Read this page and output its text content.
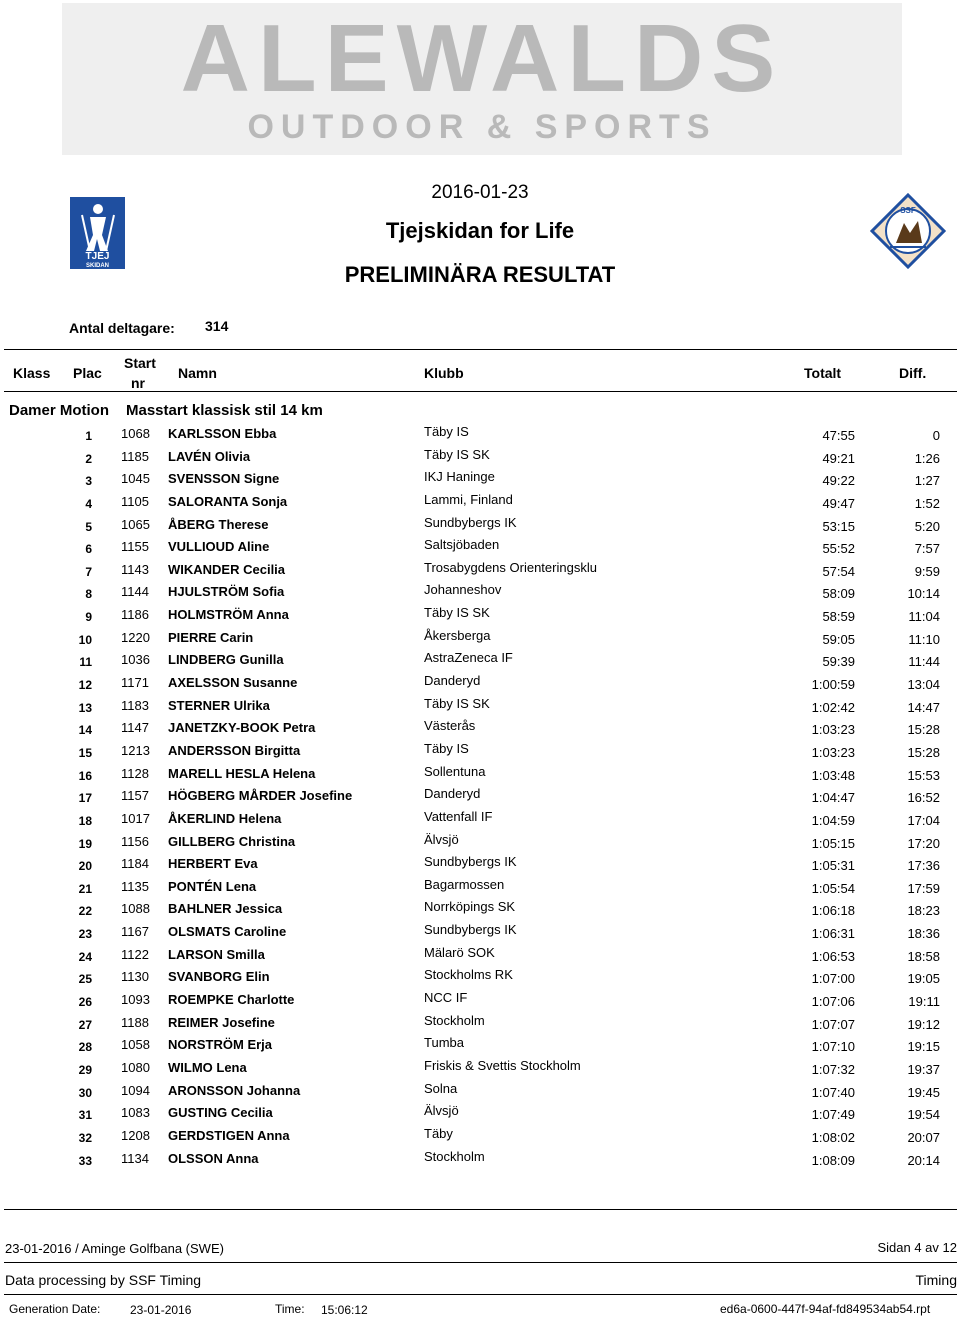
ALEWALDS
OUTDOOR & SPORTS
TJEJ
SKIDAN
SSF
2016-01-23
Tjejskidan for Life
PRELIMINÄRA RESULTAT
Antal deltagare: 314
Klass Plac
Start
nr
Namn	Klubb	Totalt	Diff.
Damer Motion Masstart klassisk stil 14 km
1 1068 KARLSSON Ebba	Täby IS	47:55	0
2 1185 LAVÉN Olivia	Täby IS SK	49:21	1:26
3 1045 SVENSSON Signe	IKJ Haninge	49:22	1:27
4 1105 SALORANTA Sonja	Lammi, Finland	49:47	1:52
5 1065 ÅBERG Therese	Sundbybergs IK	53:15	5:20
6 1155 VULLIOUD Aline	Saltsjöbaden	55:52	7:57
7 1143 WIKANDER Cecilia	Trosabygdens Orienteringsklu	57:54	9:59
8 1144 HJULSTRÖM Sofia	Johanneshov	58:09	10:14
9 1186 HOLMSTRÖM Anna	Täby IS SK	58:59	11:04
10 1220 PIERRE Carin	Åkersberga	59:05	11:10
11 1036 LINDBERG Gunilla	AstraZeneca IF	59:39	11:44
12 1171 AXELSSON Susanne	Danderyd	1:00:59	13:04
13 1183 STERNER Ulrika	Täby IS SK	1:02:42	14:47
14 1147 JANETZKY-BOOK Petra	Västerås	1:03:23	15:28
15 1213 ANDERSSON Birgitta	Täby IS	1:03:23	15:28
16 1128 MARELL HESLA Helena	Sollentuna	1:03:48	15:53
17 1157 HÖGBERG MÅRDER Josefine	Danderyd	1:04:47	16:52
18 1017 ÅKERLIND Helena	Vattenfall IF	1:04:59	17:04
19 1156 GILLBERG Christina	Älvsjö	1:05:15	17:20
20 1184 HERBERT Eva	Sundbybergs IK	1:05:31	17:36
21 1135 PONTÉN Lena	Bagarmossen	1:05:54	17:59
22 1088 BAHLNER Jessica	Norrköpings SK	1:06:18	18:23
23 1167 OLSMATS Caroline	Sundbybergs IK	1:06:31	18:36
24 1122 LARSON Smilla	Mälarö SOK	1:06:53	18:58
25 1130 SVANBORG Elin	Stockholms RK	1:07:00	19:05
26 1093 ROEMPKE Charlotte	NCC IF	1:07:06	19:11
27 1188 REIMER Josefine	Stockholm	1:07:07	19:12
28 1058 NORSTRÖM Erja	Tumba	1:07:10	19:15
29 1080 WILMO Lena	Friskis & Svettis Stockholm	1:07:32	19:37
30 1094 ARONSSON Johanna	Solna	1:07:40	19:45
31 1083 GUSTING Cecilia	Älvsjö	1:07:49	19:54
32 1208 GERDSTIGEN Anna	Täby	1:08:02	20:07
33 1134 OLSSON Anna	Stockholm	1:08:09	20:14
23-01-2016 / Aminge Golfbana (SWE)	Sidan 4 av 12
Data processing by SSF Timing	Timing
Generation Date: 23-01-2016	Time: 15:06:12	ed6a-0600-447f-94af-fd849534ab54.rpt
